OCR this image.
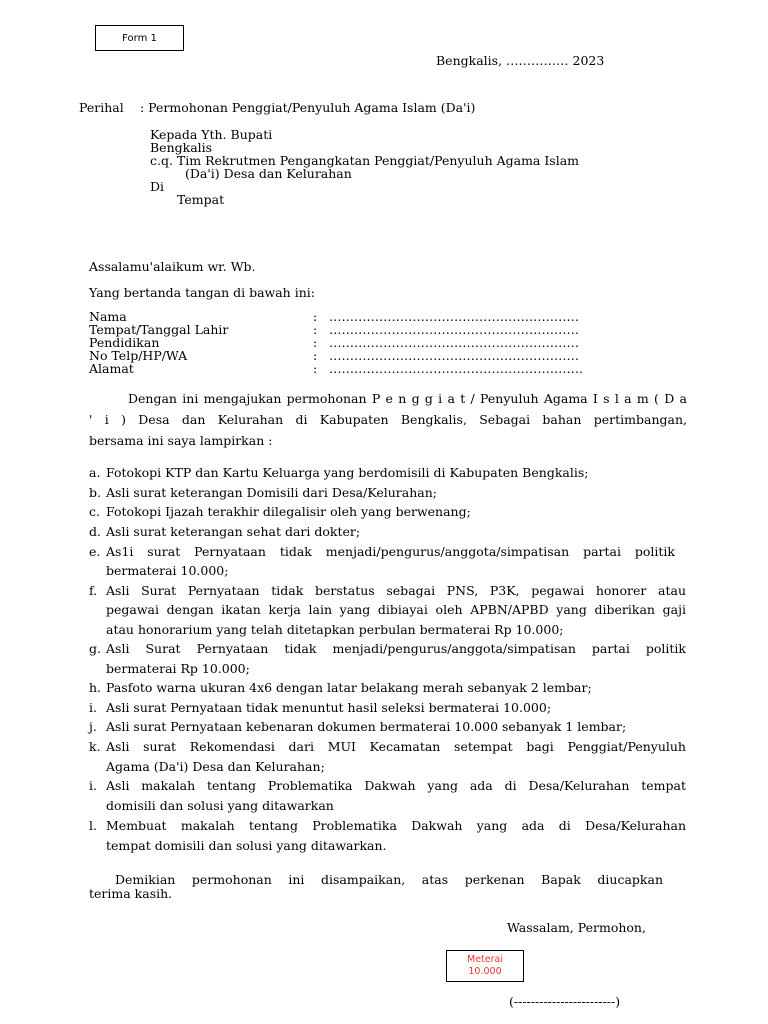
Form 1
Bengkalis, …………… 2023
Perihal : Permohonan Penggiat/Penyuluh Agama Islam (Da'i)
Kepada Yth. Bupati
Bengkalis
c.q. Tim Rekrutmen Pengangkatan Penggiat/Penyuluh Agama Islam
(Da'i) Desa dan Kelurahan
Di
Tempat
Assalamu'alaikum wr. Wb.
Yang bertanda tangan di bawah ini:
Nama	: ……………………………………………………
Tempat/Tanggal Lahir	: ……………………………………………………
Pendidikan	: ……………………………………………………
No Telp/HP/WA	: ……………………………………………………
Alamat	: …………………………………………………….
Dengan ini mengajukan permohonan P e n g g i a t / Penyuluh Agama I s l a m ( D a
' i ) Desa dan Kelurahan di Kabupaten Bengkalis, Sebagai bahan pertimbangan,
bersama ini saya lampirkan :
a. Fotokopi KTP dan Kartu Keluarga yang berdomisili di Kabupaten Bengkalis;
b. Asli surat keterangan Domisili dari Desa/Kelurahan;
c. Fotokopi Ijazah terakhir dilegalisir oleh yang berwenang;
d. Asli surat keterangan sehat dari dokter;
e. As1i surat Pernyataan tidak menjadi/pengurus/anggota/simpatisan partai politik
bermaterai 10.000;
f. Asli Surat Pernyataan tidak berstatus sebagai PNS, P3K, pegawai honorer atau
pegawai dengan ikatan kerja lain yang dibiayai oleh APBN/APBD yang diberikan gaji
atau honorarium yang telah ditetapkan perbulan bermaterai Rp 10.000;
g. Asli Surat Pernyataan tidak menjadi/pengurus/anggota/simpatisan partai politik
bermaterai Rp 10.000;
h. Pasfoto warna ukuran 4x6 dengan latar belakang merah sebanyak 2 lembar;
i. Asli surat Pernyataan tidak menuntut hasil seleksi bermaterai 10.000;
j. Asli surat Pernyataan kebenaran dokumen bermaterai 10.000 sebanyak 1 lembar;
k. Asli surat Rekomendasi dari MUI Kecamatan setempat bagi Penggiat/Penyuluh
Agama (Da'i) Desa dan Kelurahan;
i. Asli makalah tentang Problematika Dakwah yang ada di Desa/Kelurahan tempat
domisili dan solusi yang ditawarkan
l. Membuat makalah tentang Problematika Dakwah yang ada di Desa/Kelurahan
tempat domisili dan solusi yang ditawarkan.
Demikian permohonan ini disampaikan, atas perkenan Bapak diucapkan
terima kasih.
Wassalam, Permohon,
Meterai
10.000
(------------------------)
